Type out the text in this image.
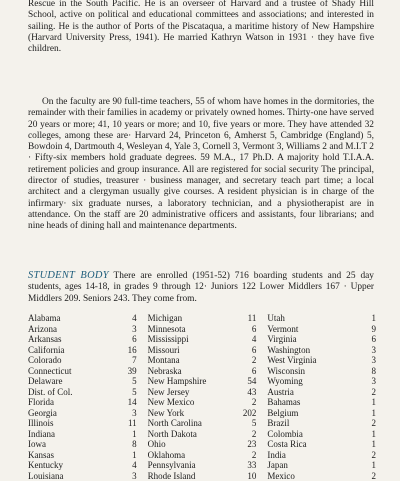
Rescue in the South Pacific. He is an overseer of Harvard and a trustee of Shady Hill School, active on political and educational committees and associations; and interested in sailing. He is the author of Ports of the Piscataqua, a maritime history of New Hampshire (Harvard University Press, 1941). He married Kathryn Watson in 1931 · they have five children.

On the faculty are 90 full-time teachers, 55 of whom have homes in the dormitories, the remainder with their families in academy or privately owned homes. Thirty-one have served 20 years or more; 41, 10 years or more; and 10, five years or more. They have attended 32 colleges, among these are· Harvard 24, Princeton 6, Amherst 5, Cambridge (England) 5, Bowdoin 4, Dartmouth 4, Wesleyan 4, Yale 3, Cornell 3, Vermont 3, Williams 2 and M.I.T 2 · Fifty-six members hold graduate degrees. 59 M.A., 17 Ph.D. A majority hold T.I.A.A. retirement policies and group insurance. All are registered for social security The principal, director of studies, treasurer · business manager, and secretary teach part time; a local architect and a clergyman usually give courses. A resident physician is in charge of the infirmary· six graduate nurses, a laboratory technician, and a physiotherapist are in attendance. On the staff are 20 administrative officers and assistants, four librarians; and nine heads of dining hall and maintenance departments.

STUDENT BODY There are enrolled (1951-52) 716 boarding students and 25 day students, ages 14-18, in grades 9 through 12· Juniors 122 Lower Middlers 167 · Upper Middlers 209. Seniors 243. They come from.

Alabama	4
Arizona	3
Arkansas	6
California	16
Colorado	7
Connecticut	39
Delaware	5
Dist. of Col.	5
Florida	14
Georgia	3
Illinois	11
Indiana	1
Iowa	8
Kansas	1
Kentucky	4
Louisiana	3
Michigan	11
Minnesota	6
Mississippi	4
Missouri	6
Montana	2
Nebraska	6
New Hampshire	54
New Jersey	43
New Mexico	2
New York	202
North Carolina	5
North Dakota	2
Ohio	23
Oklahoma	2
Pennsylvania	33
Rhode Island	10
Utah	1
Vermont	9
Virginia	6
Washington	3
West Virginia	3
Wisconsin	8
Wyoming	3
Austria	2
Bahamas	1
Belgium	1
Brazil	2
Colombia	1
Costa Rica	1
India	2
Japan	1
Mexico	2
